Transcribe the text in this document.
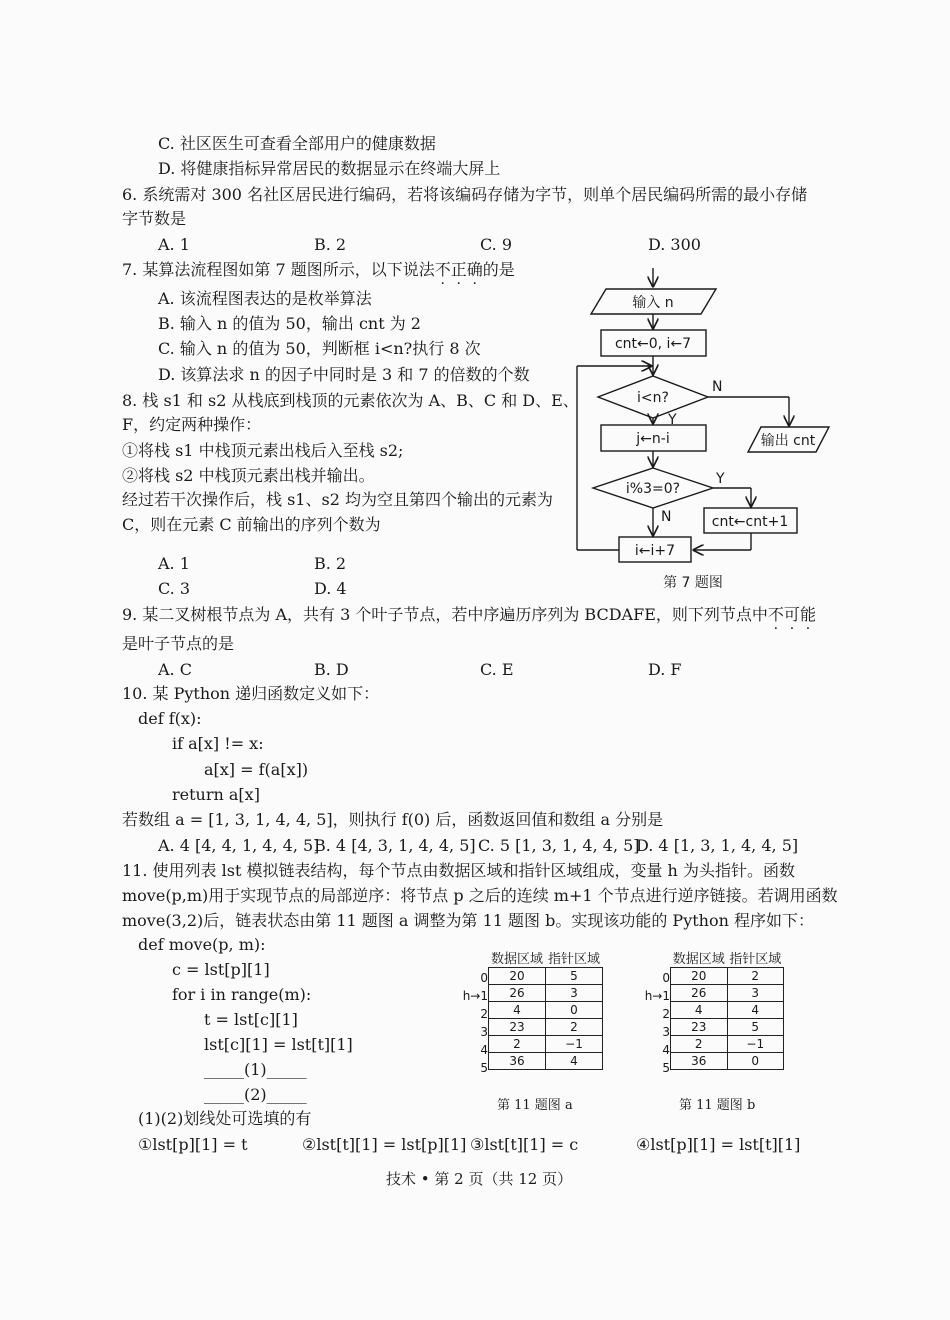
C. 社区医生可查看全部用户的健康数据
D. 将健康指标异常居民的数据显示在终端大屏上
6. 系统需对 300 名社区居民进行编码，若将该编码存储为字节，则单个居民编码所需的最小存储
字节数是
A. 1	B. 2	C. 9	D. 300
7. 某算法流程图如第 7 题图所示，以下说法不正确的是
A. 该流程图表达的是枚举算法
B. 输入 n 的值为 50，输出 cnt 为 2
C. 输入 n 的值为 50，判断框 i<n?执行 8 次
D. 该算法求 n 的因子中同时是 3 和 7 的倍数的个数
8. 栈 s1 和 s2 从栈底到栈顶的元素依次为 A、B、C 和 D、E、
F，约定两种操作：
①将栈 s1 中栈顶元素出栈后入至栈 s2;
②将栈 s2 中栈顶元素出栈并输出。
经过若干次操作后，栈 s1、s2 均为空且第四个输出的元素为
C，则在元素 C 前输出的序列个数为
A. 1	B. 2
C. 3	D. 4
输入 n
cnt←0, i←7
i<n?
N
Y
输出 cnt
j←n-i
i%3=0?
Y
N	cnt←cnt+1
i←i+7
第 7 题图
9. 某二叉树根节点为 A，共有 3 个叶子节点，若中序遍历序列为 BCDAFE，则下列节点中不可能
是叶子节点的是
A. C	B. D	C. E	D. F
10. 某 Python 递归函数定义如下：
def f(x):
if a[x] != x:
a[x] = f(a[x])
return a[x]
若数组 a = [1, 3, 1, 4, 4, 5]，则执行 f(0) 后，函数返回值和数组 a 分别是
A. 4 [4, 4, 1, 4, 4, 5]
B. 4 [4, 3, 1, 4, 4, 5] C. 5 [1, 3, 1, 4, 4, 5]
D. 4 [1, 3, 1, 4, 4, 5]
11. 使用列表 lst 模拟链表结构，每个节点由数据区域和指针区域组成，变量 h 为头指针。函数
move(p,m)用于实现节点的局部逆序：将节点 p 之后的连续 m+1 个节点进行逆序链接。若调用函数
move(3,2)后，链表状态由第 11 题图 a 调整为第 11 题图 b。实现该功能的 Python 程序如下：
def move(p, m):
c = lst[p][1]
for i in range(m):
t = lst[c][1]
lst[c][1] = lst[t][1]
_____(1)_____
_____(2)_____
(1)(2)划线处可选填的有
①lst[p][1] = t	②lst[t][1] = lst[p][1] ③lst[t][1] = c	④lst[p][1] = lst[t][1]
0
h→1
2
3
4
5
数据区域	指针区域
20	5
26	3
4	0
23	2
2	−1
36	4
第 11 题图 a
0
h→1
2
3
4
5
数据区域	指针区域
20	2
26	3
4	4
23	5
2	−1
36	0
第 11 题图 b
技术 • 第 2 页（共 12 页）
